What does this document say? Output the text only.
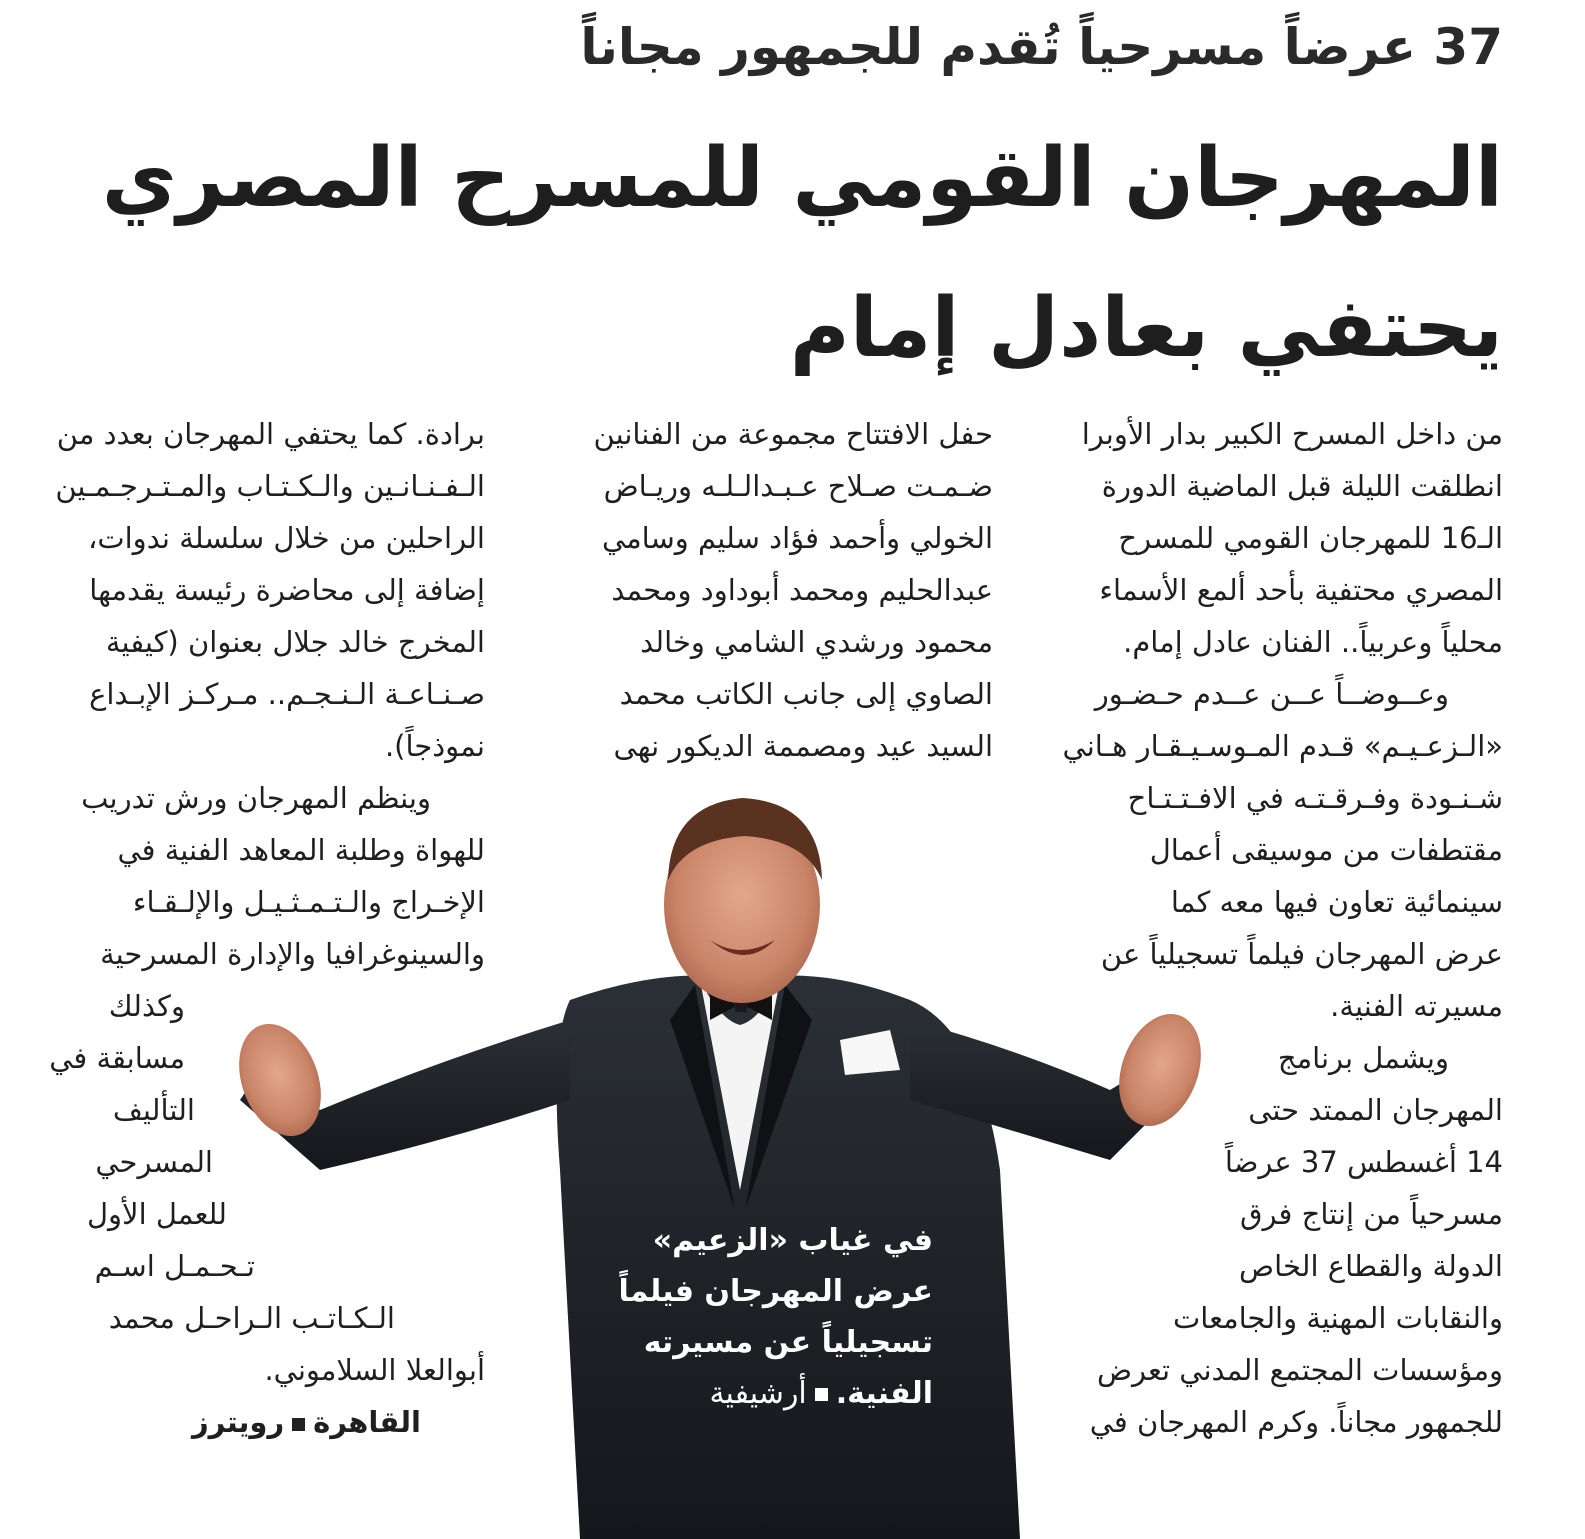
37 عرضاً مسرحياً تُقدم للجمهور مجاناً
المهرجان القومي للمسرح المصري
يحتفي بعادل إمام

من داخل المسرح الكبير بدار الأوبرا

انطلقت الليلة قبل الماضية الدورة

الـ16 للمهرجان القومي للمسرح

المصري محتفية بأحد ألمع الأسماء

محلياً وعربياً.. الفنان عادل إمام.

وعــوضــاً عــن عــدم حـضـور

«الـزعـيـم» قـدم المـوسـيـقـار هـاني

شـنـودة وفـرقـتـه في الافـتـتـاح

مقتطفات من موسيقى أعمال

سينمائية تعاون فيها معه كما

عرض المهرجان فيلماً تسجيلياً عن

مسيرته الفنية.

ويشمل برنامج

المهرجان الممتد حتى

14 أغسطس 37 عرضاً

مسرحياً من إنتاج فرق

الدولة والقطاع الخاص

والنقابات المهنية والجامعات

ومؤسسات المجتمع المدني تعرض

للجمهور مجاناً. وكرم المهرجان في

حفل الافتتاح مجموعة من الفنانين

ضـمـت صـلاح عـبـدالـلـه وريـاض

الخولي وأحمد فؤاد سليم وسامي

عبدالحليم ومحمد أبوداود ومحمد

محمود ورشدي الشامي وخالد

الصاوي إلى جانب الكاتب محمد

السيد عيد ومصممة الديكور نهى

برادة. كما يحتفي المهرجان بعدد من

الـفـنـانـين والـكـتـاب والمـتـرجـمـين

الراحلين من خلال سلسلة ندوات،

إضافة إلى محاضرة رئيسة يقدمها

المخرج خالد جلال بعنوان (كيفية

صـنـاعـة الـنـجـم.. مـركـز الإبـداع

نموذجاً).

وينظم المهرجان ورش تدريب

للهواة وطلبة المعاهد الفنية في

الإخـراج والـتـمـثـيـل والإلـقـاء

والسينوغرافيا والإدارة المسرحية

وكذلك

مسابقة في

التأليف

المسرحي

للعمل الأول

تـحـمـل اسـم

الـكـاتـب الـراحـل محمد

أبوالعلا السلاموني.

القاهرةرويترز

في غياب «الزعيم»

عرض المهرجان فيلماً

تسجيلياً عن مسيرته

الفنية.أرشيفية
